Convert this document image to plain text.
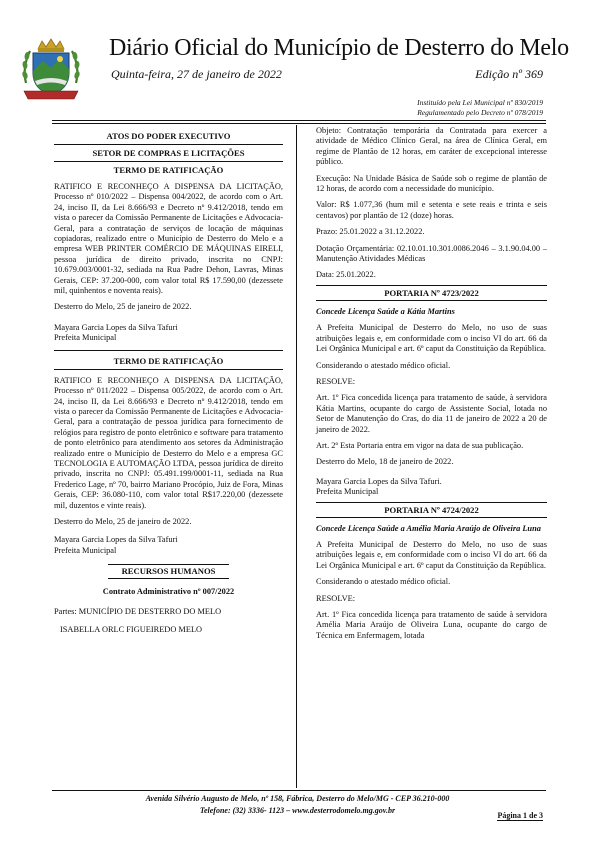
Diário Oficial do Município de Desterro do Melo
Quinta-feira, 27 de janeiro de 2022	Edição nº 369
Instituído pela Lei Municipal nº 830/2019
Regulamentado pelo Decreto nº 078/2019
ATOS DO PODER EXECUTIVO
SETOR DE COMPRAS E LICITAÇÕES
TERMO DE RATIFICAÇÃO

RATIFICO E RECONHEÇO A DISPENSA DA LICITAÇÃO, Processo nº 010/2022 – Dispensa 004/2022, de acordo com o Art. 24, inciso II, da Lei 8.666/93 e Decreto nº 9.412/2018, tendo em vista o parecer da Comissão Permanente de Licitações e Advocacia-Geral, para a contratação de serviços de locação de máquinas copiadoras, realizado entre o Município de Desterro do Melo e a empresa WEB PRINTER COMÉRCIO DE MÁQUINAS EIRELI, pessoa jurídica de direito privado, inscrita no CNPJ: 10.679.003/0001-32, sediada na Rua Padre Dehon, Lavras, Minas Gerais, CEP: 37.200-000, com valor total R$ 17.590,00 (dezessete mil, quinhentos e noventa reais).

Desterro do Melo, 25 de janeiro de 2022.

Mayara Garcia Lopes da Silva Tafuri

Prefeita Municipal

TERMO DE RATIFICAÇÃO

RATIFICO E RECONHEÇO A DISPENSA DA LICITAÇÃO, Processo nº 011/2022 – Dispensa 005/2022, de acordo com o Art. 24, inciso II, da Lei 8.666/93 e Decreto nº 9.412/2018, tendo em vista o parecer da Comissão Permanente de Licitações e Advocacia-Geral, para a contratação de pessoa jurídica para fornecimento de relógios para registro de ponto eletrônico e software para tratamento de ponto eletrônico para atendimento aos setores da Administração realizado entre o Município de Desterro do Melo e a empresa GC TECNOLOGIA E AUTOMAÇÃO LTDA, pessoa jurídica de direito privado, inscrita no CNPJ: 05.491.199/0001-11, sediada na Rua Frederico Lage, nº 70, bairro Mariano Procópio, Juiz de Fora, Minas Gerais, CEP: 36.080-110, com valor total R$17.220,00 (dezessete mil, duzentos e vinte reais).

Desterro do Melo, 25 de janeiro de 2022.

Mayara Garcia Lopes da Silva Tafuri

Prefeita Municipal

RECURSOS HUMANOS

Contrato Administrativo nº 007/2022

Partes: MUNICÍPIO DE DESTERRO DO MELO

ISABELLA ORLC FIGUEIREDO MELO

Objeto: Contratação temporária da Contratada para exercer a atividade de Médico Clínico Geral, na área de Clínica Geral, em regime de Plantão de 12 horas, em caráter de excepcional interesse público.

Execução: Na Unidade Básica de Saúde sob o regime de plantão de 12 horas, de acordo com a necessidade do município.

Valor: R$ 1.077,36 (hum mil e setenta e sete reais e trinta e seis centavos) por plantão de 12 (doze) horas.

Prazo: 25.01.2022 a 31.12.2022.

Dotação Orçamentária: 02.10.01.10.301.0086.2046 – 3.1.90.04.00 – Manutenção Atividades Médicas

Data: 25.01.2022.

PORTARIA Nº 4723/2022

Concede Licença Saúde a Kátia Martins

A Prefeita Municipal de Desterro do Melo, no uso de suas atribuições legais e, em conformidade com o inciso VI do art. 66 da Lei Orgânica Municipal e art. 6º caput da Constituição da República.

Considerando o atestado médico oficial.

RESOLVE:

Art. 1º Fica concedida licença para tratamento de saúde, à servidora Kátia Martins, ocupante do cargo de Assistente Social, lotada no Setor de Manutenção do Cras, do dia 11 de janeiro de 2022 a 20 de janeiro de 2022.

Art. 2º Esta Portaria entra em vigor na data de sua publicação.

Desterro do Melo, 18 de janeiro de 2022.

Mayara Garcia Lopes da Silva Tafuri.

Prefeita Municipal

PORTARIA Nº 4724/2022

Concede Licença Saúde a Amélia Maria Araújo de Oliveira Luna

A Prefeita Municipal de Desterro do Melo, no uso de suas atribuições legais e, em conformidade com o inciso VI do art. 66 da Lei Orgânica Municipal e art. 6º caput da Constituição da República.

Considerando o atestado médico oficial.

RESOLVE:

Art. 1º Fica concedida licença para tratamento de saúde à servidora Amélia Maria Araújo de Oliveira Luna, ocupante do cargo de Técnica em Enfermagem, lotada

Avenida Silvério Augusto de Melo, nº 158, Fábrica, Desterro do Melo/MG - CEP 36.210-000
Telefone: (32) 3336- 1123 – www.desterrodomelo.mg.gov.br
Página 1 de 3
